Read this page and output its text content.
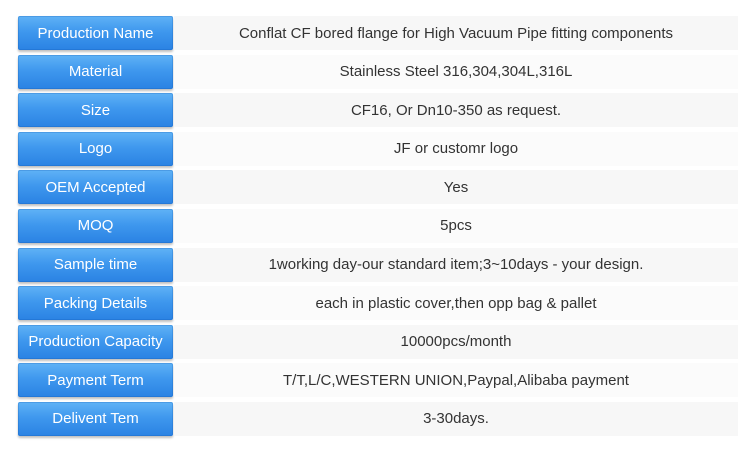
Production Name	Conflat CF bored flange for High Vacuum Pipe fitting components
Material	Stainless Steel 316,304,304L,316L
Size	CF16, Or Dn10-350 as request.
Logo	JF or customr logo
OEM Accepted	Yes
MOQ	5pcs
Sample time	1working day-our standard item;3~10days - your design.
Packing Details	each in plastic cover,then opp bag & pallet
Production Capacity	10000pcs/month
Payment Term	T/T,L/C,WESTERN UNION,Paypal,Alibaba payment
Delivent Tem	3-30days.
